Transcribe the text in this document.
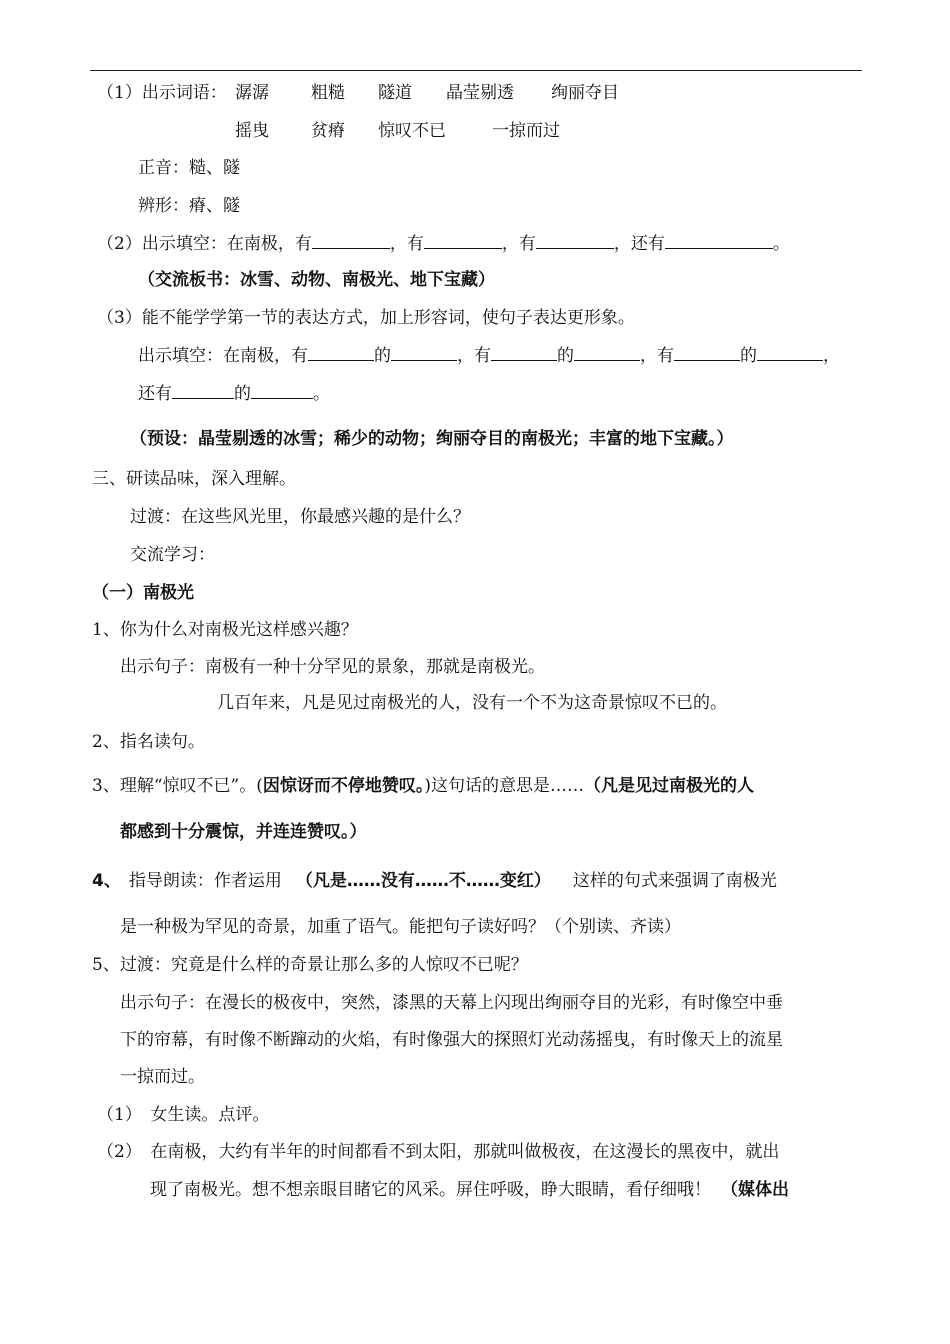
（1）出示词语： 潺潺 粗糙 隧道 晶莹剔透 绚丽夺目
摇曳 贫瘠 惊叹不已	一掠而过
正音：糙、隧
辨形：瘠、隧
（2）出示填空：在南极，有	，有	，有	，还有	。
（交流板书：冰雪、动物、南极光、地下宝藏）
（3）能不能学学第一节的表达方式，加上形容词，使句子表达更形象。
出示填空：在南极，有	的	，有	的	，有	的	，
还有	的	。
（预设：晶莹剔透的冰雪；稀少的动物；绚丽夺目的南极光；丰富的地下宝藏。）
三、研读品味，深入理解。
过渡：在这些风光里，你最感兴趣的是什么？
交流学习：
（一）南极光
1、你为什么对南极光这样感兴趣？
出示句子：南极有一种十分罕见的景象，那就是南极光。
几百年来，凡是见过南极光的人，没有一个不为这奇景惊叹不已的。
2、指名读句。
3、理解“惊叹不已”。(因惊讶而不停地赞叹。)这句话的意思是……（凡是见过南极光的人
都感到十分震惊，并连连赞叹。）
4、 指导朗读：作者运用 （凡是……没有……不……变红） 这样的句式来强调了南极光
是一种极为罕见的奇景，加重了语气。能把句子读好吗？（个别读、齐读）
5、过渡：究竟是什么样的奇景让那么多的人惊叹不已呢？
出示句子：在漫长的极夜中，突然，漆黑的天幕上闪现出绚丽夺目的光彩，有时像空中垂
下的帘幕，有时像不断蹿动的火焰，有时像强大的探照灯光动荡摇曳，有时像天上的流星
一掠而过。
（1）　女生读。点评。
（2）　在南极，大约有半年的时间都看不到太阳，那就叫做极夜，在这漫长的黑夜中，就出
现了南极光。想不想亲眼目睹它的风采。屏住呼吸，睁大眼睛，看仔细哦！ （媒体出
